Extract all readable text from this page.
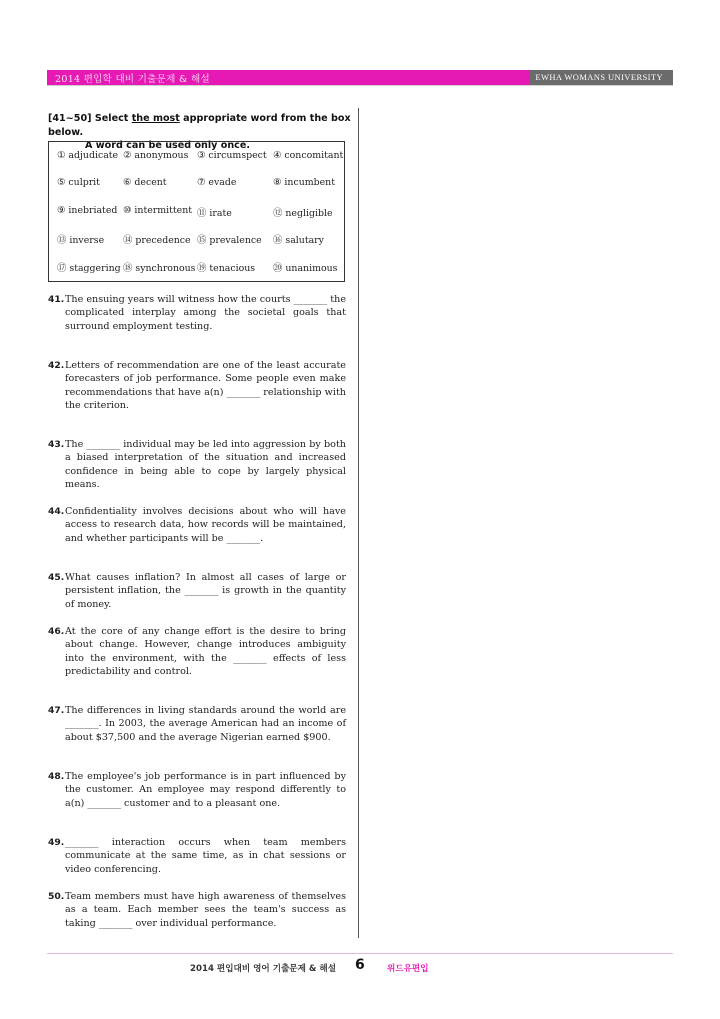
2014 편입학 대비 기출문제 & 해설	EWHA WOMANS UNIVERSITY
[41~50] Select the most appropriate word from the box below.
A word can be used only once.
① adjudicate ② anonymous ③ circumspect ④ concomitant
⑤ culprit ⑥ decent	⑦ evade	⑧ incumbent
⑨ inebriated ⑩ intermittent ⑪ irate	⑫ negligible
⑬ inverse ⑭ precedence ⑮ prevalence ⑯ salutary
⑰ staggering ⑱ synchronous ⑲ tenacious ⑳ unanimous
41. The ensuing years will witness how the courts _______ the complicated interplay among the societal goals that surround employment testing.
42. Letters of recommendation are one of the least accurate forecasters of job performance. Some people even make recommendations that have a(n) _______ relationship with the criterion.
43. The _______ individual may be led into aggression by both a biased interpretation of the situation and increased confidence in being able to cope by largely physical means.
44. Confidentiality involves decisions about who will have access to research data, how records will be maintained, and whether participants will be _______.
45. What causes inflation? In almost all cases of large or persistent inflation, the _______ is growth in the quantity of money.
46. At the core of any change effort is the desire to bring about change. However, change introduces ambiguity into the environment, with the _______ effects of less predictability and control.
47. The differences in living standards around the world are _______. In 2003, the average American had an income of about $37,500 and the average Nigerian earned $900.
48. The employee's job performance is in part influenced by the customer. An employee may respond differently to a(n) _______ customer and to a pleasant one.
49. _______ interaction occurs when team members communicate at the same time, as in chat sessions or video conferencing.
50. Team members must have high awareness of themselves as a team. Each member sees the team's success as taking _______ over individual performance.
2014 편입대비 영어 기출문제 & 해설 6	위드유편입
